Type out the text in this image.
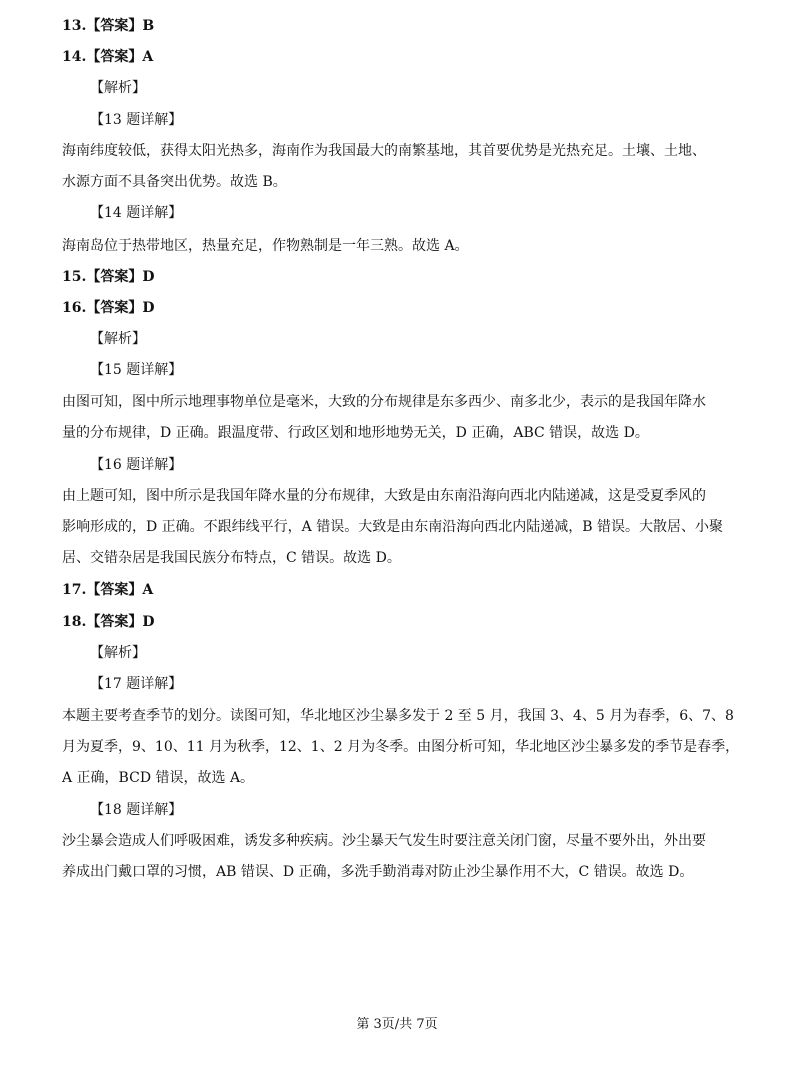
13.【答案】B
14.【答案】A
【解析】
【13 题详解】
海南纬度较低，获得太阳光热多，海南作为我国最大的南繁基地，其首要优势是光热充足。土壤、土地、
水源方面不具备突出优势。故选 B。
【14 题详解】
海南岛位于热带地区，热量充足，作物熟制是一年三熟。故选 A。
15.【答案】D
16.【答案】D
【解析】
【15 题详解】
由图可知，图中所示地理事物单位是毫米，大致的分布规律是东多西少、南多北少，表示的是我国年降水
量的分布规律，D 正确。跟温度带、行政区划和地形地势无关，D 正确，ABC 错误，故选 D。
【16 题详解】
由上题可知，图中所示是我国年降水量的分布规律，大致是由东南沿海向西北内陆递减，这是受夏季风的
影响形成的，D 正确。不跟纬线平行，A 错误。大致是由东南沿海向西北内陆递减，B 错误。大散居、小聚
居、交错杂居是我国民族分布特点，C 错误。故选 D。
17.【答案】A
18.【答案】D
【解析】
【17 题详解】
本题主要考查季节的划分。读图可知，华北地区沙尘暴多发于 2 至 5 月，我国 3、4、5 月为春季，6、7、8
月为夏季，9、10、11 月为秋季，12、1、2 月为冬季。由图分析可知，华北地区沙尘暴多发的季节是春季，
A 正确，BCD 错误，故选 A。
【18 题详解】
沙尘暴会造成人们呼吸困难，诱发多种疾病。沙尘暴天气发生时要注意关闭门窗，尽量不要外出，外出要
养成出门戴口罩的习惯，AB 错误、D 正确，多洗手勤消毒对防止沙尘暴作用不大，C 错误。故选 D。
第 3页/共 7页
